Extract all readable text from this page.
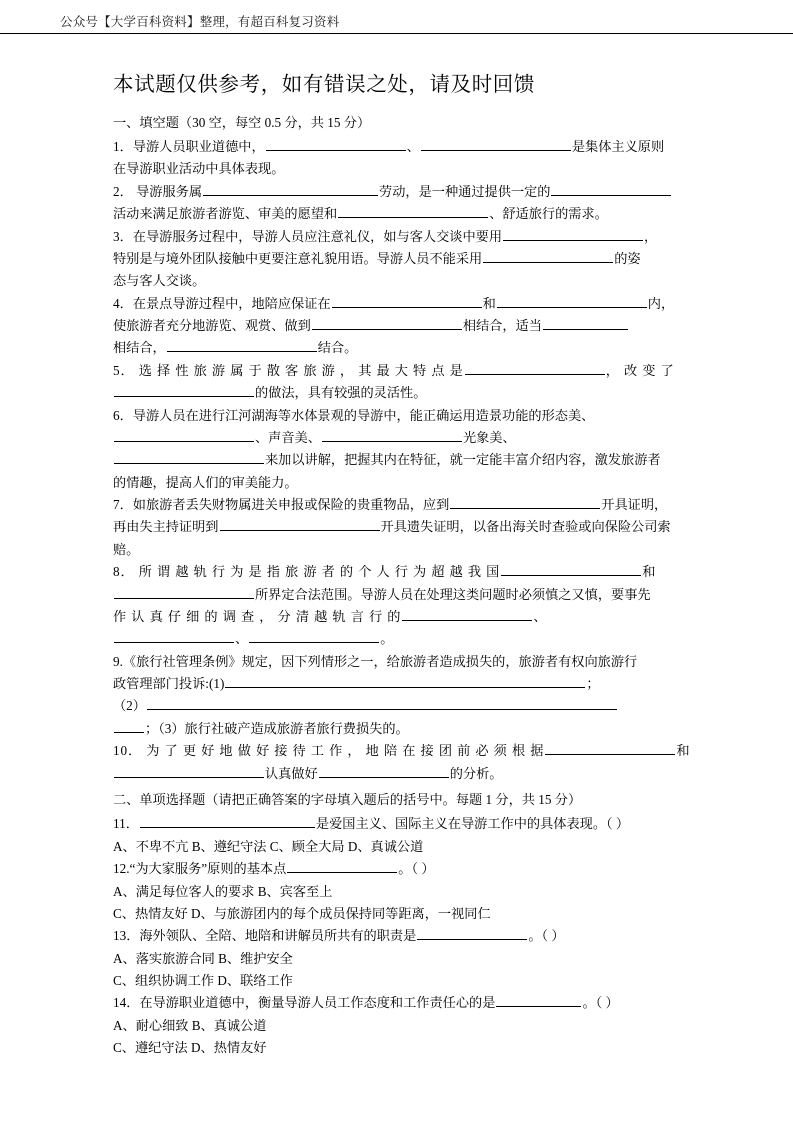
公众号【大学百科资料】整理，有超百科复习资料
本试题仅供参考，如有错误之处，请及时回馈
一、填空题（30 空，每空 0.5 分，共 15 分）

1．导游人员职业道德中，	、	是集体主义原则

在导游职业活动中具体表现。

2． 导游服务属	劳动，是一种通过提供一定的

活动来满足旅游者游览、审美的愿望和	、舒适旅行的需求。

3．在导游服务过程中，导游人员应注意礼仪，如与客人交谈中要用	，

特别是与境外团队接触中更要注意礼貌用语。导游人员不能采用	的姿

态与客人交谈。

4．在景点导游过程中，地陪应保证在	和	内，

使旅游者充分地游览、观赏、做到	相结合，适当

相结合，	结合。

5． 选 择 性 旅 游 属 于 散 客 旅 游 ， 其 最 大 特 点 是	， 改 变 了

的做法，具有较强的灵活性。

6．导游人员在进行江河湖海等水体景观的导游中，能正确运用造景功能的形态美、

、声音美、	光象美、

来加以讲解，把握其内在特征，就一定能丰富介绍内容，激发旅游者

的情趣，提高人们的审美能力。

7．如旅游者丢失财物属进关申报或保险的贵重物品，应到	开具证明，

再由失主持证明到	开具遗失证明，以备出海关时查验或向保险公司索

赔。

8． 所 谓 越 轨 行 为 是 指 旅 游 者 的 个 人 行 为 超 越 我 国	和

所界定合法范围。导游人员在处理这类问题时必须慎之又慎，要事先

作 认 真 仔 细 的 调 查 ， 分 清 越 轨 言 行 的	、

、	。

9.《旅行社管理条例》规定，因下列情形之一，给旅游者造成损失的，旅游者有权向旅游行

政管理部门投诉:(1)	；

（2）

；（3）旅行社破产造成旅游者旅行费损失的。

10． 为 了 更 好 地 做 好 接 待 工 作 ， 地 陪 在 接 团 前 必 须 根 据	和

认真做好	的分析。

二、单项选择题（请把正确答案的字母填入题后的括号中。每题 1 分，共 15 分）

11．	是爱国主义、国际主义在导游工作中的具体表现。（ ）

A、不卑不亢 B、遵纪守法 C、顾全大局 D、真诚公道

12.“为大家服务”原则的基本点	。（ ）

A、满足每位客人的要求 B、宾客至上

C、热情友好 D、与旅游团内的每个成员保持同等距离，一视同仁

13．海外领队、全陪、地陪和讲解员所共有的职责是	。（ ）

A、落实旅游合同 B、维护安全

C、组织协调工作 D、联络工作

14．在导游职业道德中，衡量导游人员工作态度和工作责任心的是	。（ ）

A、耐心细致 B、真诚公道

C、遵纪守法 D、热情友好
